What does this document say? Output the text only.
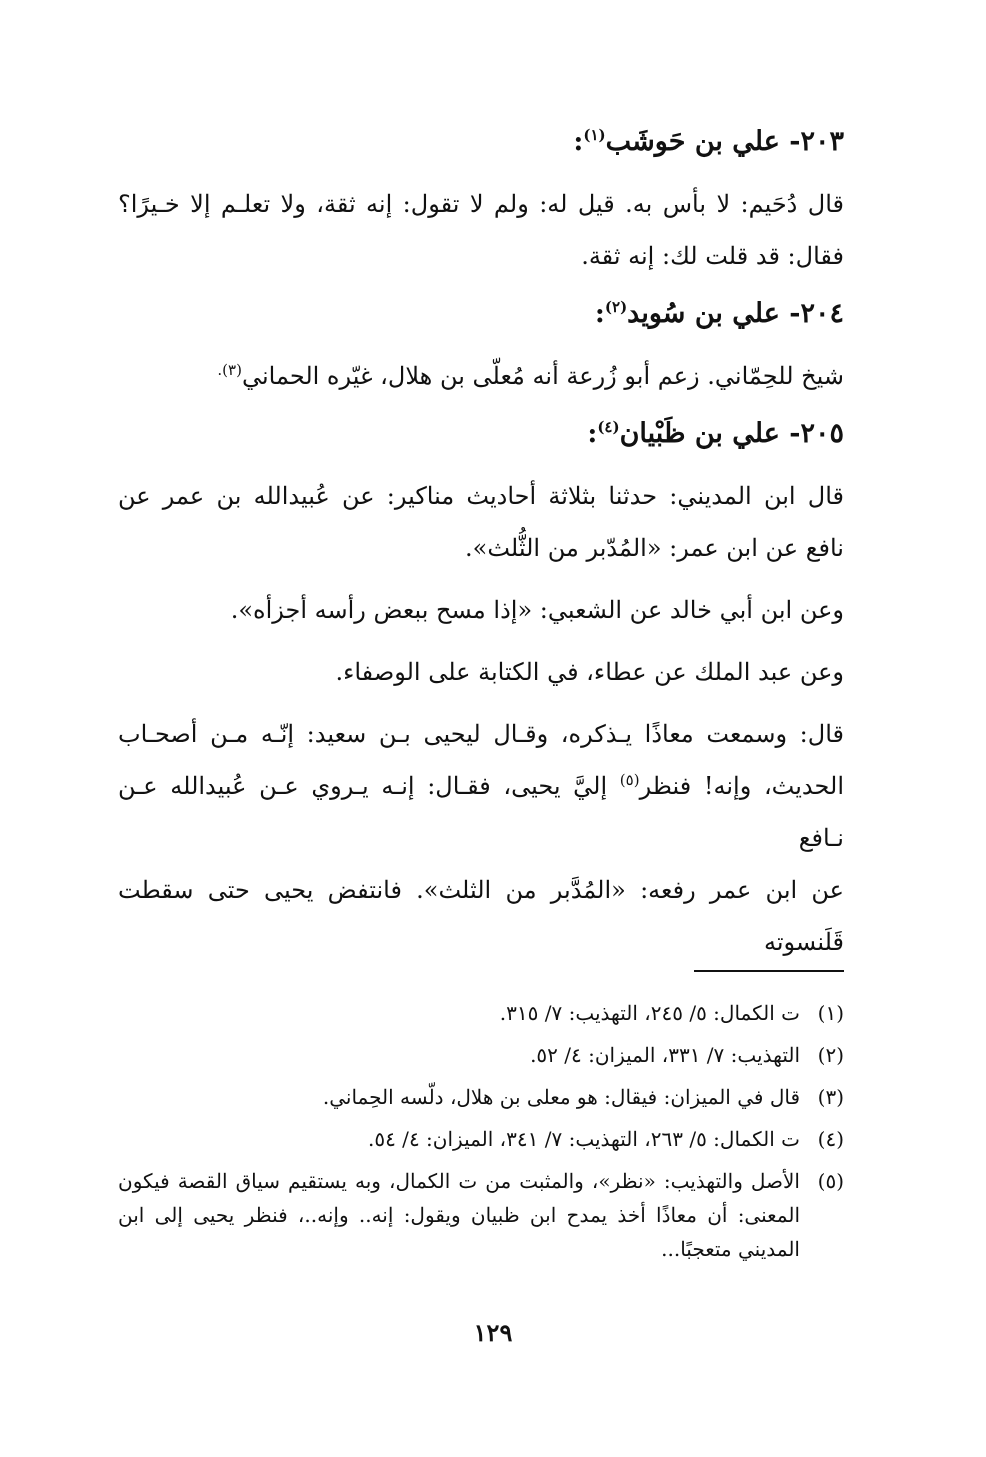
٢٠٣- علي بن حَوشَب$^{(١)}$:

قال دُحَيم: لا بأس به. قيل له: ولم لا تقول: إنه ثقة، ولا تعلـم إلا خـيرًا؟
فقال: قد قلت لك: إنه ثقة.

٢٠٤- علي بن سُويد$^{(٢)}$:

شيخ للحِمّاني. زعم أبو زُرعة أنه مُعلّى بن هلال، غيّره الحماني$^{(٣).}$

٢٠٥- علي بن ظَبْيان$^{(٤)}$:

قال ابن المديني: حدثنا بثلاثة أحاديث مناكير: عن عُبيدالله بن عمر عن
نافع عن ابن عمر: «المُدّبر من الثُّلث».

وعن ابن أبي خالد عن الشعبي: «إذا مسح ببعض رأسه أجزأه».

وعن عبد الملك عن عطاء، في الكتابة على الوصفاء.

قال: وسمعت معاذًا يـذكره، وقـال ليحيى بـن سعيد: إنّـه مـن أصحـاب
الحديث، وإنه! فنظر$^{(٥)}$ إليَّ يحيى، فقـال: إنـه يـروي عـن عُبيدالله عـن نـافع
عن ابن عمر رفعه: «المُدَّبر من الثلث». فانتفض يحيى حتى سقطت قَلَنسوته

(١)
ت الكمال: ٥/ ٢٤٥، التهذيب: ٧/ ٣١٥.
(٢)
التهذيب: ٧/ ٣٣١، الميزان: ٤/ ٥٢.
(٣)
قال في الميزان: فيقال: هو معلى بن هلال، دلّسه الحِماني.
(٤)
ت الكمال: ٥/ ٢٦٣، التهذيب: ٧/ ٣٤١، الميزان: ٤/ ٥٤.
(٥)
الأصل والتهذيب: «نظر»، والمثبت من ت الكمال، وبه يستقيم سياق القصة فيكون المعنى: أن معاذًا أخذ يمدح ابن ظبيان ويقول: إنه.. وإنه..، فنظر يحيى إلى ابن المديني متعجبًا...
١٢٩
